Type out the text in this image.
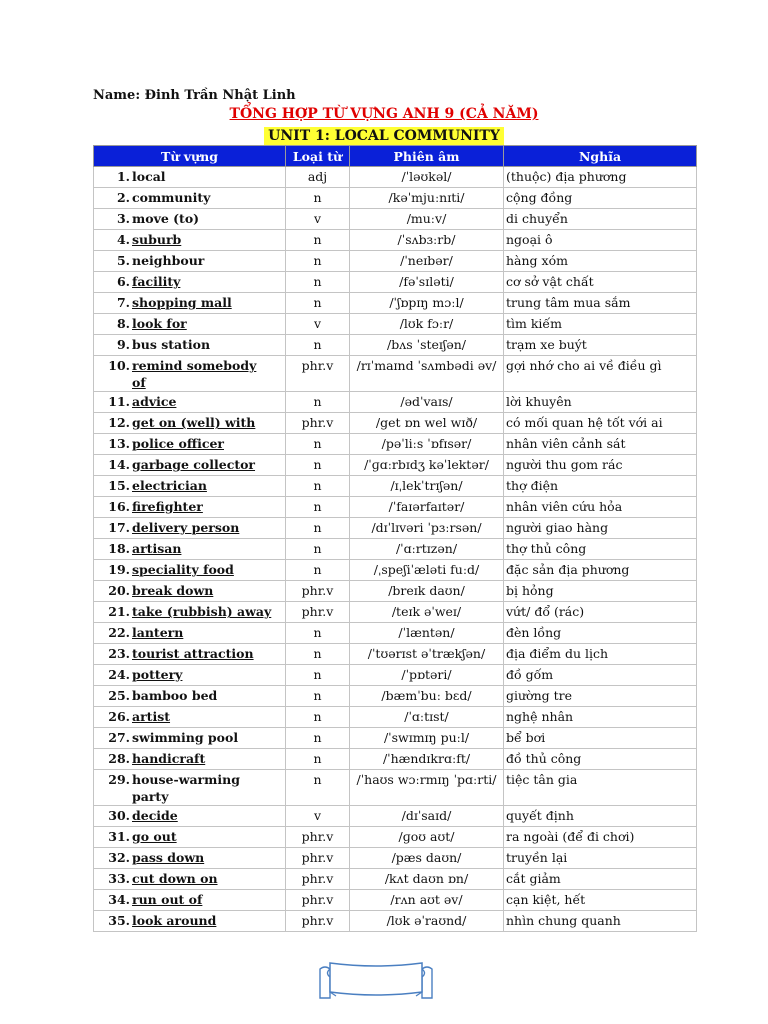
Name: Đinh Trần Nhật Linh
TỔNG HỢP TỪ VỰNG ANH 9 (CẢ NĂM)
UNIT 1: LOCAL COMMUNITY
Từ vựng	Loại từ	Phiên âm	Nghĩa
1. local	adj	/ˈləʊkəl/	(thuộc) địa phương
2. community	n	/kəˈmjuːnɪti/	cộng đồng
3. move (to)	v	/muːv/	di chuyển
4. suburb	n	/ˈsʌbɜːrb/	ngoại ô
5. neighbour	n	/ˈneɪbər/	hàng xóm
6. facility	n	/fəˈsɪləti/	cơ sở vật chất
7. shopping mall	n	/ˈʃɒpɪŋ mɔːl/	trung tâm mua sắm
8. look for	v	/lʊk fɔːr/	tìm kiếm
9. bus station	n	/bʌs ˈsteɪʃən/	trạm xe buýt
10. remind somebody of	phr.v	/rɪˈmaɪnd ˈsʌmbədi əv/	gợi nhớ cho ai về điều gì
11. advice	n	/ədˈvaɪs/	lời khuyên
12. get on (well) with	phr.v	/get ɒn wel wɪð/	có mối quan hệ tốt với ai
13. police officer	n	/pəˈliːs ˈɒfɪsər/	nhân viên cảnh sát
14. garbage collector	n	/ˈɡɑːrbɪdʒ kəˈlektər/	người thu gom rác
15. electrician	n	/ɪˌlekˈtrɪʃən/	thợ điện
16. firefighter	n	/ˈfaɪərfaɪtər/	nhân viên cứu hỏa
17. delivery person	n	/dɪˈlɪvəri ˈpɜːrsən/	người giao hàng
18. artisan	n	/ˈɑːrtɪzən/	thợ thủ công
19. speciality food	n	/ˌspeʃiˈæləti fuːd/	đặc sản địa phương
20. break down	phr.v	/breɪk daʊn/	bị hỏng
21. take (rubbish) away	phr.v	/teɪk əˈweɪ/	vứt/ đổ (rác)
22. lantern	n	/ˈlæntən/	đèn lồng
23. tourist attraction	n	/ˈtʊərɪst əˈtrækʃən/	địa điểm du lịch
24. pottery	n	/ˈpɒtəri/	đồ gốm
25. bamboo bed	n	/bæmˈbuː bɛd/	giường tre
26. artist	n	/ˈɑːtɪst/	nghệ nhân
27. swimming pool	n	/ˈswɪmɪŋ puːl/	bể bơi
28. handicraft	n	/ˈhændɪkrɑːft/	đồ thủ công
29. house-warming party	n	/ˈhaʊs wɔːrmɪŋ ˈpɑːrti/	tiệc tân gia
30. decide	v	/dɪˈsaɪd/	quyết định
31. go out	phr.v	/ɡoʊ aʊt/	ra ngoài (để đi chơi)
32. pass down	phr.v	/pæs daʊn/	truyền lại
33. cut down on	phr.v	/kʌt daʊn ɒn/	cắt giảm
34. run out of	phr.v	/rʌn aʊt əv/	cạn kiệt, hết
35. look around	phr.v	/lʊk əˈraʊnd/	nhìn chung quanh
